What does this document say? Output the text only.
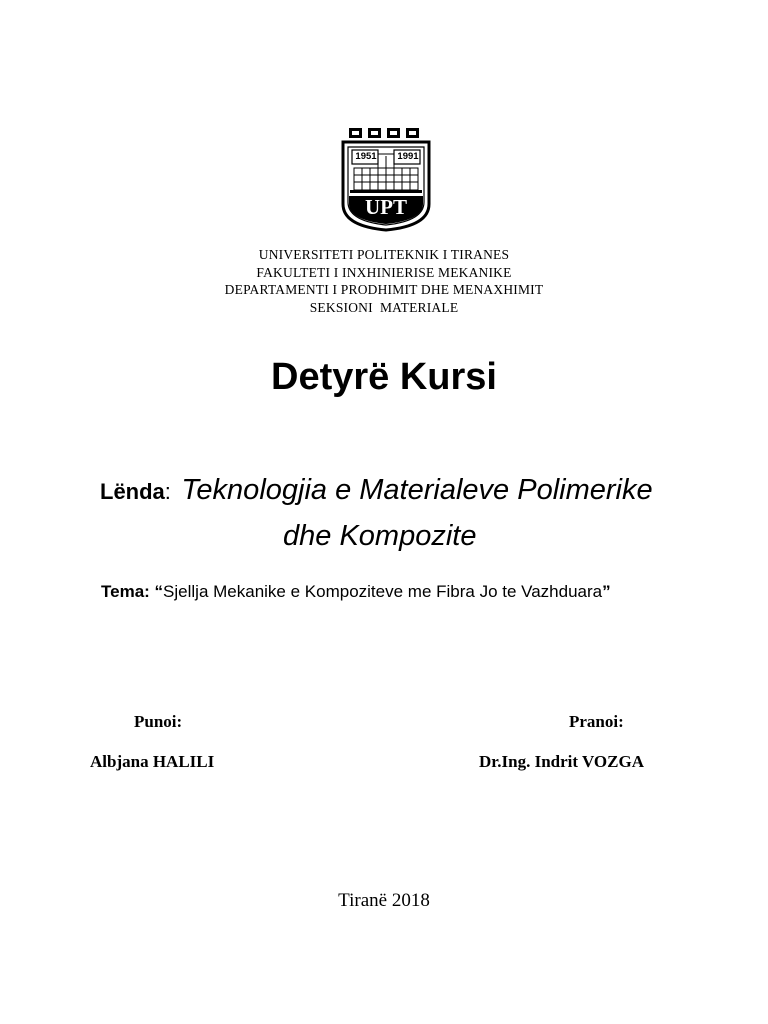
1951 1991
UPT
UNIVERSITETI POLITEKNIK I TIRANES
FAKULTETI I INXHINIERISE MEKANIKE
DEPARTAMENTI I PRODHIMIT DHE MENAXHIMIT
SEKSIONI  MATERIALE
Detyrë Kursi
Lënda: Teknologjia e Materialeve Polimerike
dhe Kompozite
Tema: “Sjellja Mekanike e Kompoziteve me Fibra Jo te Vazhduara”
Punoi:
Albjana HALILI
Pranoi:
Dr.Ing. Indrit VOZGA
Tiranë 2018
